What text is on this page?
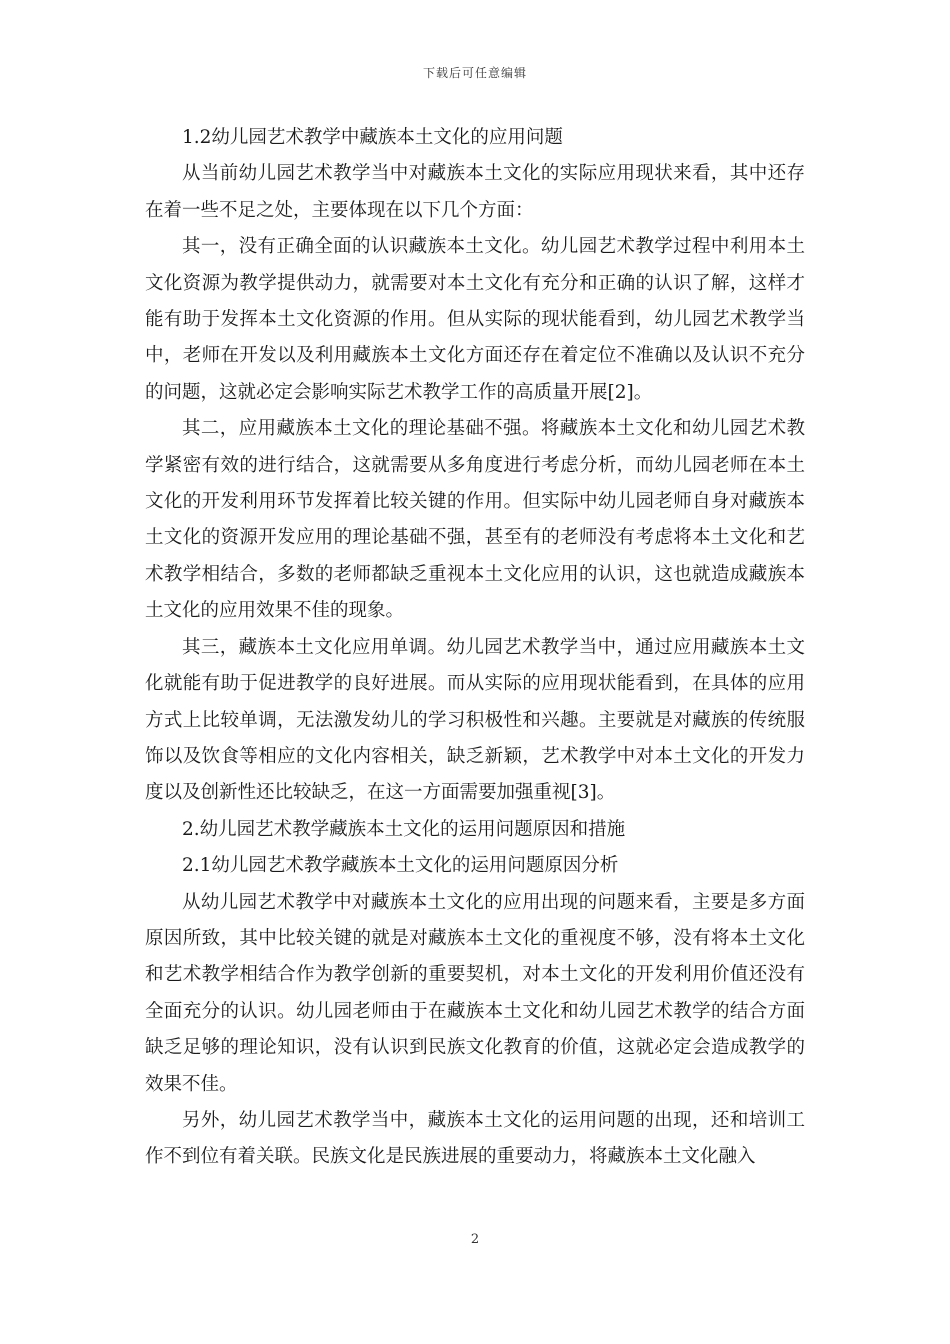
下载后可任意编辑

1.2幼儿园艺术教学中藏族本土文化的应用问题

从当前幼儿园艺术教学当中对藏族本土文化的实际应用现状来看，其中还存在着一些不足之处，主要体现在以下几个方面：

其一，没有正确全面的认识藏族本土文化。幼儿园艺术教学过程中利用本土文化资源为教学提供动力，就需要对本土文化有充分和正确的认识了解，这样才能有助于发挥本土文化资源的作用。但从实际的现状能看到，幼儿园艺术教学当中，老师在开发以及利用藏族本土文化方面还存在着定位不准确以及认识不充分的问题，这就必定会影响实际艺术教学工作的高质量开展[2]。

其二，应用藏族本土文化的理论基础不强。将藏族本土文化和幼儿园艺术教学紧密有效的进行结合，这就需要从多角度进行考虑分析，而幼儿园老师在本土文化的开发利用环节发挥着比较关键的作用。但实际中幼儿园老师自身对藏族本土文化的资源开发应用的理论基础不强，甚至有的老师没有考虑将本土文化和艺术教学相结合，多数的老师都缺乏重视本土文化应用的认识，这也就造成藏族本土文化的应用效果不佳的现象。

其三，藏族本土文化应用单调。幼儿园艺术教学当中，通过应用藏族本土文化就能有助于促进教学的良好进展。而从实际的应用现状能看到，在具体的应用方式上比较单调，无法激发幼儿的学习积极性和兴趣。主要就是对藏族的传统服饰以及饮食等相应的文化内容相关，缺乏新颖，艺术教学中对本土文化的开发力度以及创新性还比较缺乏，在这一方面需要加强重视[3]。

2.幼儿园艺术教学藏族本土文化的运用问题原因和措施

2.1幼儿园艺术教学藏族本土文化的运用问题原因分析

从幼儿园艺术教学中对藏族本土文化的应用出现的问题来看，主要是多方面原因所致，其中比较关键的就是对藏族本土文化的重视度不够，没有将本土文化和艺术教学相结合作为教学创新的重要契机，对本土文化的开发利用价值还没有全面充分的认识。幼儿园老师由于在藏族本土文化和幼儿园艺术教学的结合方面缺乏足够的理论知识，没有认识到民族文化教育的价值，这就必定会造成教学的效果不佳。

另外，幼儿园艺术教学当中，藏族本土文化的运用问题的出现，还和培训工作不到位有着关联。民族文化是民族进展的重要动力，将藏族本土文化融入

2
